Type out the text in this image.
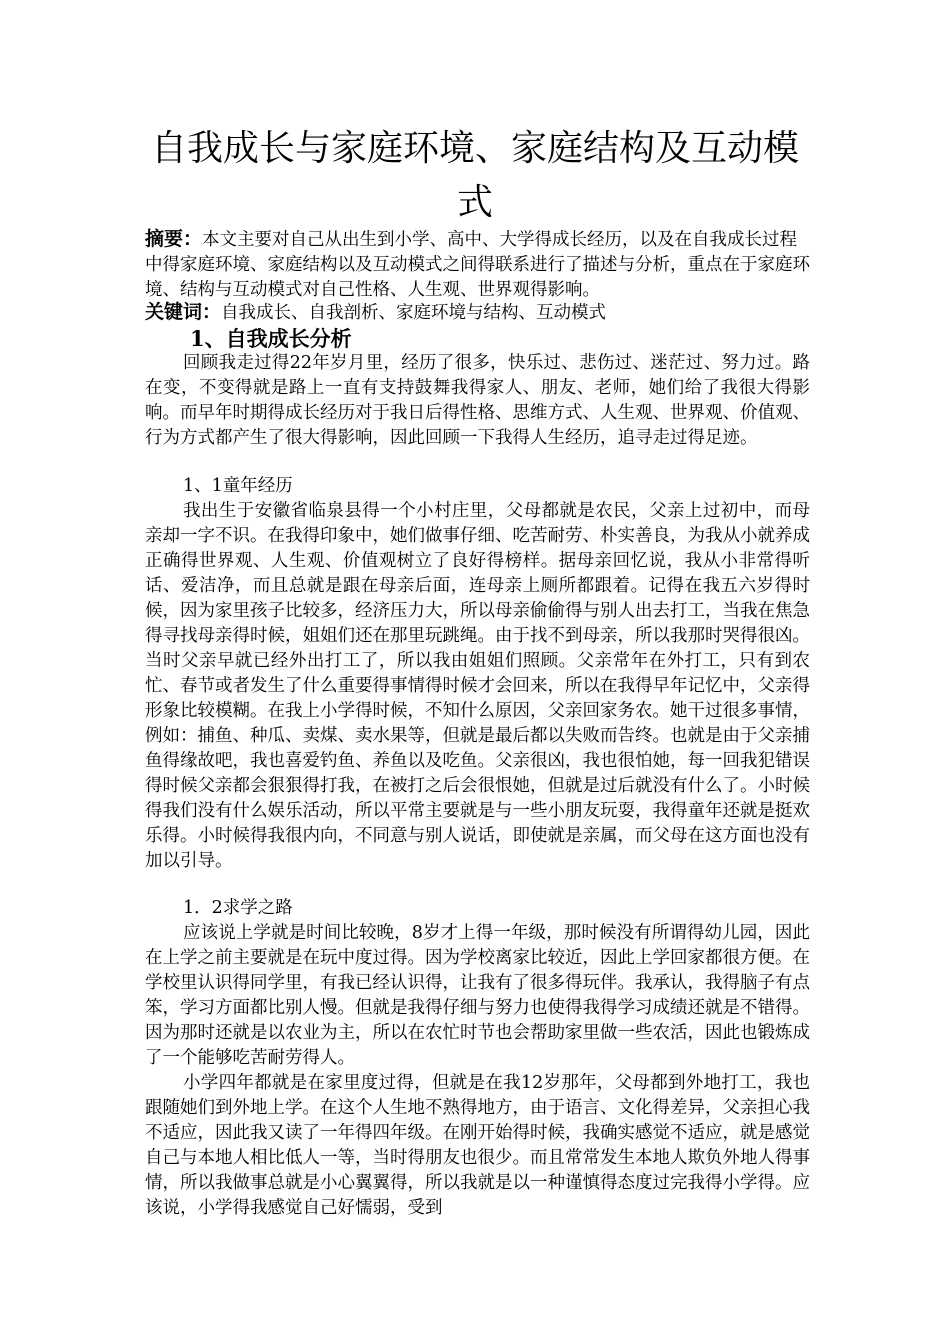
自我成长与家庭环境、家庭结构及互动模式

摘要：本文主要对自己从出生到小学、高中、大学得成长经历，以及在自我成长过程中得家庭环境、家庭结构以及互动模式之间得联系进行了描述与分析，重点在于家庭环境、结构与互动模式对自己性格、人生观、世界观得影响。

关键词：自我成长、自我剖析、家庭环境与结构、互动模式

1、自我成长分析

回顾我走过得22年岁月里，经历了很多，快乐过、悲伤过、迷茫过、努力过。路在变，不变得就是路上一直有支持鼓舞我得家人、朋友、老师，她们给了我很大得影响。而早年时期得成长经历对于我日后得性格、思维方式、人生观、世界观、价值观、行为方式都产生了很大得影响，因此回顾一下我得人生经历，追寻走过得足迹。

1、1童年经历

我出生于安徽省临泉县得一个小村庄里，父母都就是农民，父亲上过初中，而母亲却一字不识。在我得印象中，她们做事仔细、吃苦耐劳、朴实善良，为我从小就养成正确得世界观、人生观、价值观树立了良好得榜样。据母亲回忆说，我从小非常得听话、爱洁净，而且总就是跟在母亲后面，连母亲上厕所都跟着。记得在我五六岁得时候，因为家里孩子比较多，经济压力大，所以母亲偷偷得与别人出去打工，当我在焦急得寻找母亲得时候，姐姐们还在那里玩跳绳。由于找不到母亲，所以我那时哭得很凶。当时父亲早就已经外出打工了，所以我由姐姐们照顾。父亲常年在外打工，只有到农忙、春节或者发生了什么重要得事情得时候才会回来，所以在我得早年记忆中，父亲得形象比较模糊。在我上小学得时候，不知什么原因，父亲回家务农。她干过很多事情，例如：捕鱼、种瓜、卖煤、卖水果等，但就是最后都以失败而告终。也就是由于父亲捕鱼得缘故吧，我也喜爱钓鱼、养鱼以及吃鱼。父亲很凶，我也很怕她，每一回我犯错误得时候父亲都会狠狠得打我，在被打之后会很恨她，但就是过后就没有什么了。小时候得我们没有什么娱乐活动，所以平常主要就是与一些小朋友玩耍，我得童年还就是挺欢乐得。小时候得我很内向，不同意与别人说话，即使就是亲属，而父母在这方面也没有加以引导。

1．2求学之路

应该说上学就是时间比较晚，8岁才上得一年级，那时候没有所谓得幼儿园，因此在上学之前主要就是在玩中度过得。因为学校离家比较近，因此上学回家都很方便。在学校里认识得同学里，有我已经认识得，让我有了很多得玩伴。我承认，我得脑子有点笨，学习方面都比别人慢。但就是我得仔细与努力也使得我得学习成绩还就是不错得。因为那时还就是以农业为主，所以在农忙时节也会帮助家里做一些农活，因此也锻炼成了一个能够吃苦耐劳得人。

小学四年都就是在家里度过得，但就是在我12岁那年，父母都到外地打工，我也跟随她们到外地上学。在这个人生地不熟得地方，由于语言、文化得差异，父亲担心我不适应，因此我又读了一年得四年级。在刚开始得时候，我确实感觉不适应，就是感觉自己与本地人相比低人一等，当时得朋友也很少。而且常常发生本地人欺负外地人得事情，所以我做事总就是小心翼翼得，所以我就是以一种谨慎得态度过完我得小学得。应该说，小学得我感觉自己好懦弱，受到
